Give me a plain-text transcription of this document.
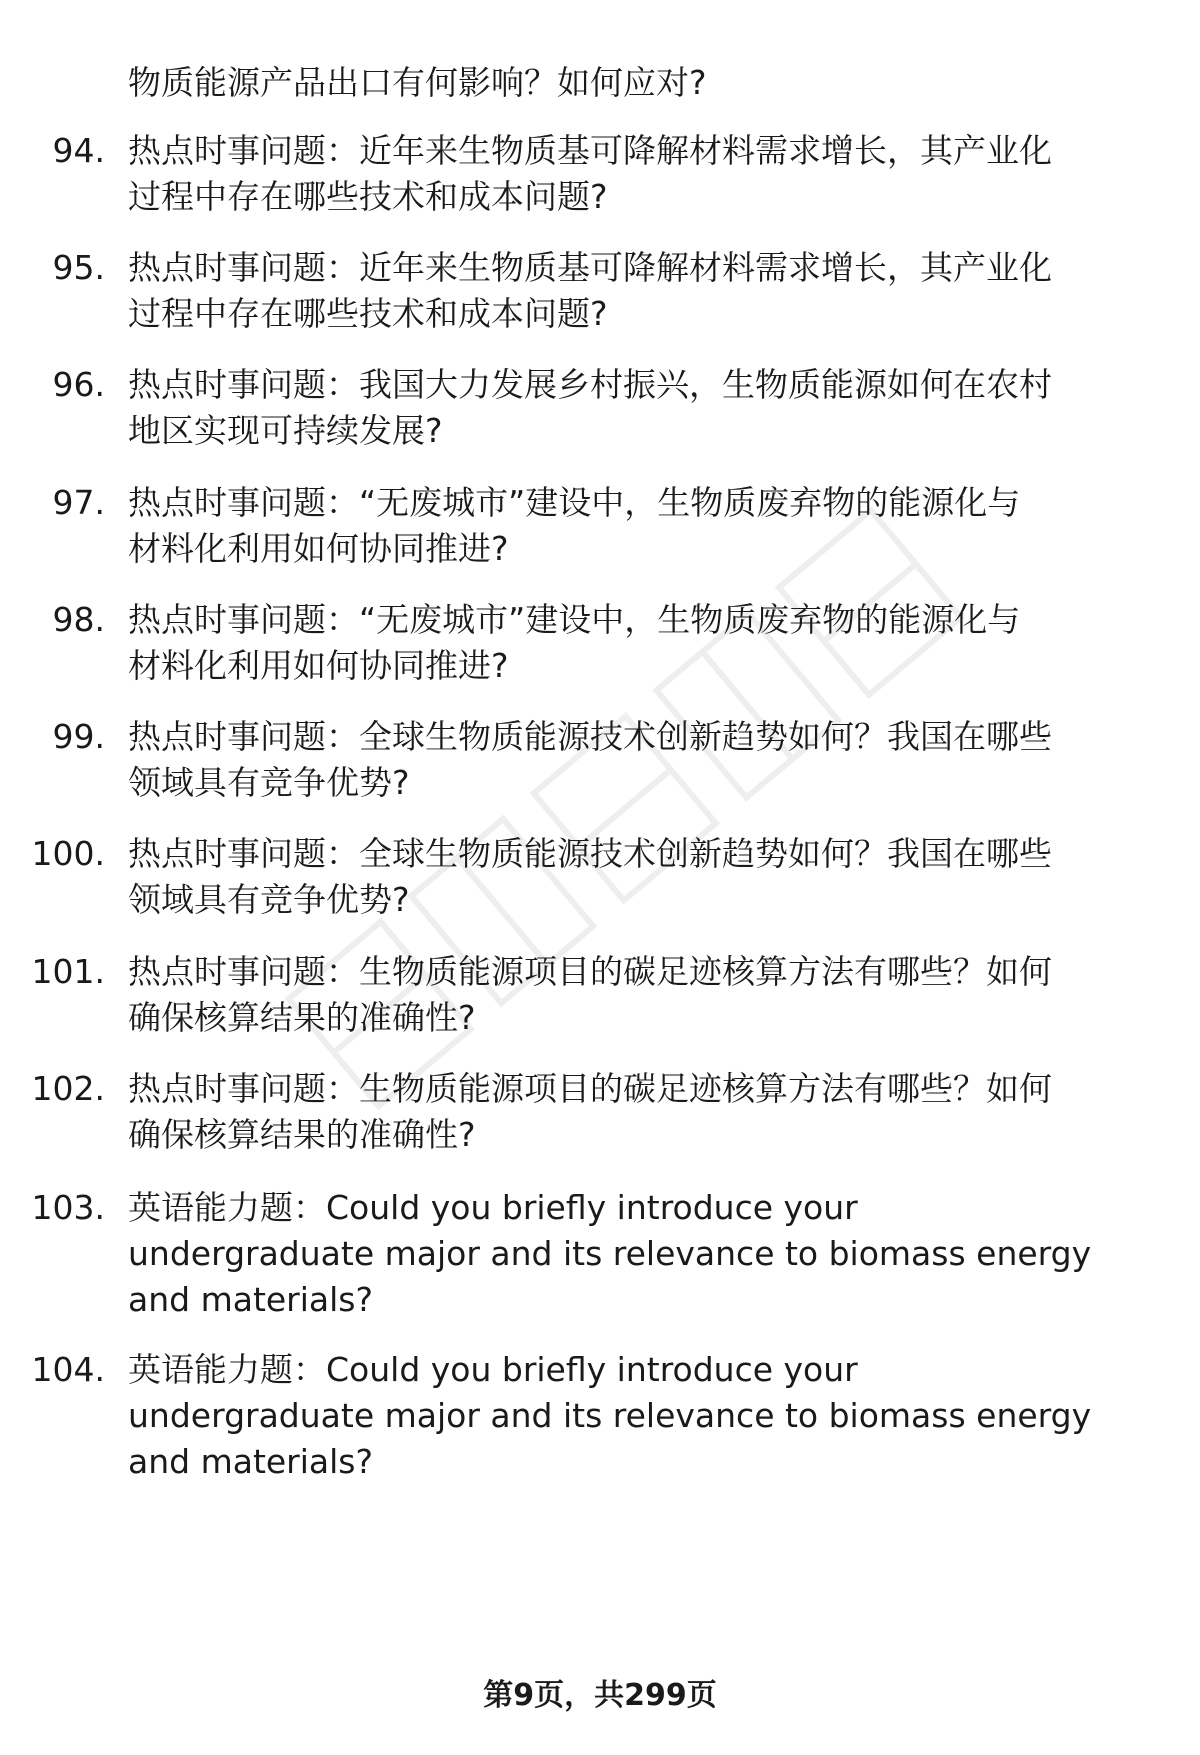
物质能源产品出口有何影响？如何应对?
94. 热点时事问题：近年来生物质基可降解材料需求增长，其产业化
过程中存在哪些技术和成本问题?
95. 热点时事问题：近年来生物质基可降解材料需求增长，其产业化
过程中存在哪些技术和成本问题?
96. 热点时事问题：我国大力发展乡村振兴，生物质能源如何在农村
地区实现可持续发展?
97. 热点时事问题：“无废城市”建设中，生物质废弃物的能源化与
材料化利用如何协同推进?
98. 热点时事问题：“无废城市”建设中，生物质废弃物的能源化与
材料化利用如何协同推进?
99. 热点时事问题：全球生物质能源技术创新趋势如何？我国在哪些
领域具有竞争优势?
100. 热点时事问题：全球生物质能源技术创新趋势如何？我国在哪些
领域具有竞争优势?
101. 热点时事问题：生物质能源项目的碳足迹核算方法有哪些？如何
确保核算结果的准确性?
102. 热点时事问题：生物质能源项目的碳足迹核算方法有哪些？如何
确保核算结果的准确性?
103. 英语能力题：Could you briefly introduce your
undergraduate major and its relevance to biomass energy
and materials?
104. 英语能力题：Could you briefly introduce your
undergraduate major and its relevance to biomass energy
and materials?
第9页，共299页
